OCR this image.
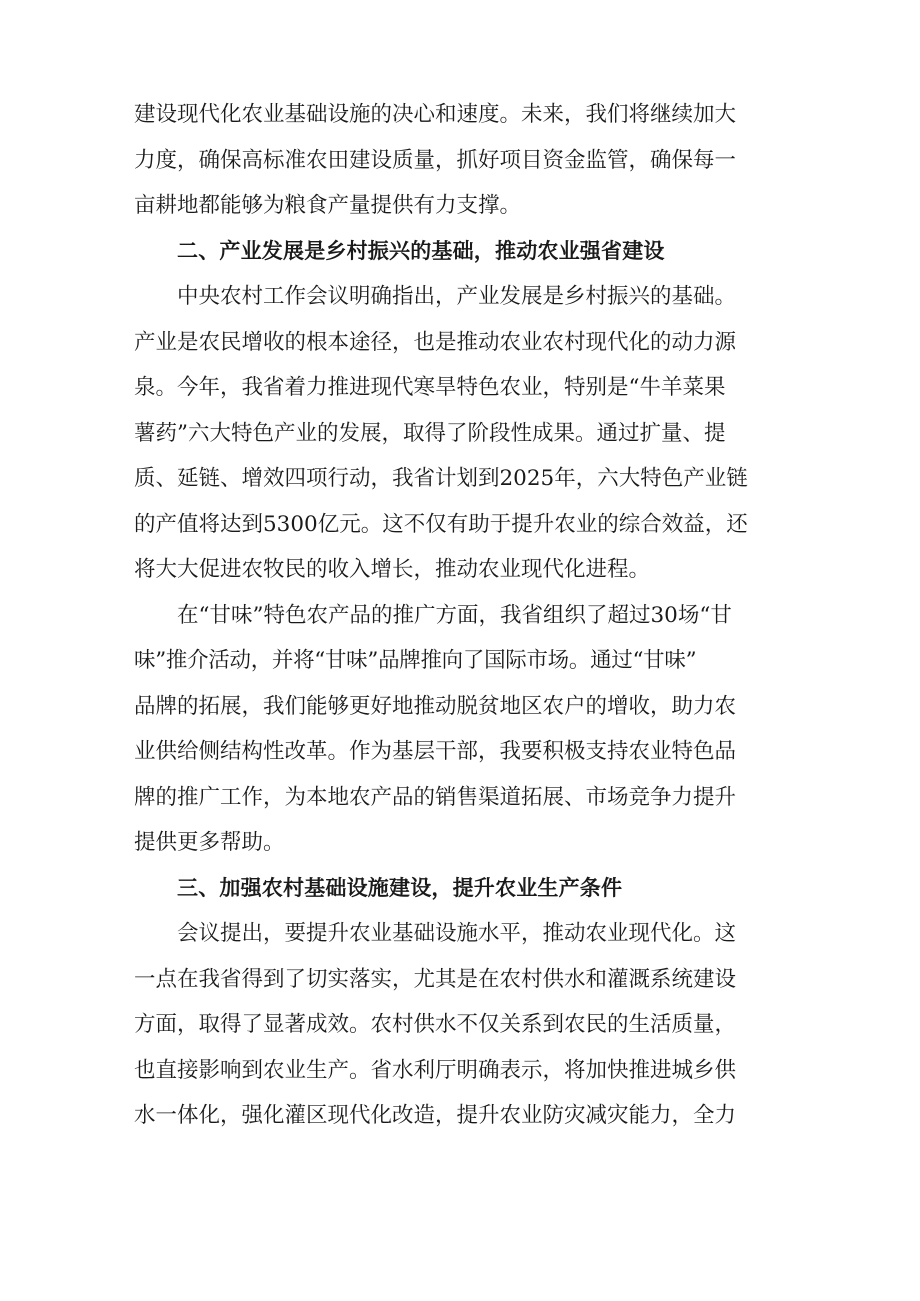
建设现代化农业基础设施的决心和速度。未来，我们将继续加大
力度，确保高标准农田建设质量，抓好项目资金监管，确保每一
亩耕地都能够为粮食产量提供有力支撑。
二、产业发展是乡村振兴的基础，推动农业强省建设
中央农村工作会议明确指出，产业发展是乡村振兴的基础。
产业是农民增收的根本途径，也是推动农业农村现代化的动力源
泉。今年，我省着力推进现代寒旱特色农业，特别是“牛羊菜果
薯药”六大特色产业的发展，取得了阶段性成果。通过扩量、提
质、延链、增效四项行动，我省计划到2025年，六大特色产业链
的产值将达到5300亿元。这不仅有助于提升农业的综合效益，还
将大大促进农牧民的收入增长，推动农业现代化进程。
在“甘味”特色农产品的推广方面，我省组织了超过30场“甘
味”推介活动，并将“甘味”品牌推向了国际市场。通过“甘味”
品牌的拓展，我们能够更好地推动脱贫地区农户的增收，助力农
业供给侧结构性改革。作为基层干部，我要积极支持农业特色品
牌的推广工作，为本地农产品的销售渠道拓展、市场竞争力提升
提供更多帮助。
三、加强农村基础设施建设，提升农业生产条件
会议提出，要提升农业基础设施水平，推动农业现代化。这
一点在我省得到了切实落实，尤其是在农村供水和灌溉系统建设
方面，取得了显著成效。农村供水不仅关系到农民的生活质量，
也直接影响到农业生产。省水利厅明确表示，将加快推进城乡供
水一体化，强化灌区现代化改造，提升农业防灾减灾能力，全力
